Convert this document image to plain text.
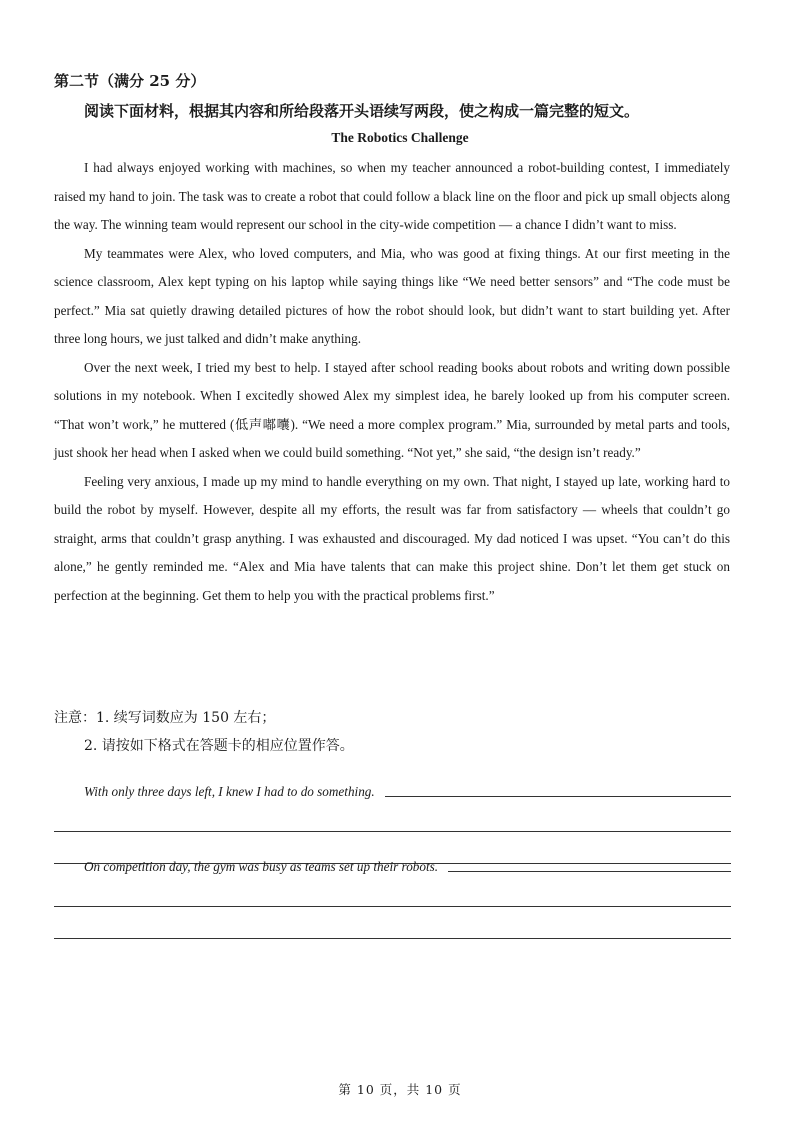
第二节（满分 25 分）
阅读下面材料，根据其内容和所给段落开头语续写两段，使之构成一篇完整的短文。
The Robotics Challenge

I had always enjoyed working with machines, so when my teacher announced a robot-building contest, I immediately raised my hand to join. The task was to create a robot that could follow a black line on the floor and pick up small objects along the way. The winning team would represent our school in the city-wide competition — a chance I didn’t want to miss.

My teammates were Alex, who loved computers, and Mia, who was good at fixing things. At our first meeting in the science classroom, Alex kept typing on his laptop while saying things like “We need better sensors” and “The code must be perfect.” Mia sat quietly drawing detailed pictures of how the robot should look, but didn’t want to start building yet. After three long hours, we just talked and didn’t make anything.

Over the next week, I tried my best to help. I stayed after school reading books about robots and writing down possible solutions in my notebook. When I excitedly showed Alex my simplest idea, he barely looked up from his computer screen. “That won’t work,” he muttered (低声嘟囔). “We need a more complex program.” Mia, surrounded by metal parts and tools, just shook her head when I asked when we could build something. “Not yet,” she said, “the design isn’t ready.”

Feeling very anxious, I made up my mind to handle everything on my own. That night, I stayed up late, working hard to build the robot by myself. However, despite all my efforts, the result was far from satisfactory — wheels that couldn’t go straight, arms that couldn’t grasp anything. I was exhausted and discouraged. My dad noticed I was upset. “You can’t do this alone,” he gently reminded me. “Alex and Mia have talents that can make this project shine. Don’t let them get stuck on perfection at the beginning. Get them to help you with the practical problems first.”

注意：1. 续写词数应为 150 左右；
2. 请按如下格式在答题卡的相应位置作答。
With only three days left, I knew I had to do something.
On competition day, the gym was busy as teams set up their robots.
第 10 页，共 10 页
